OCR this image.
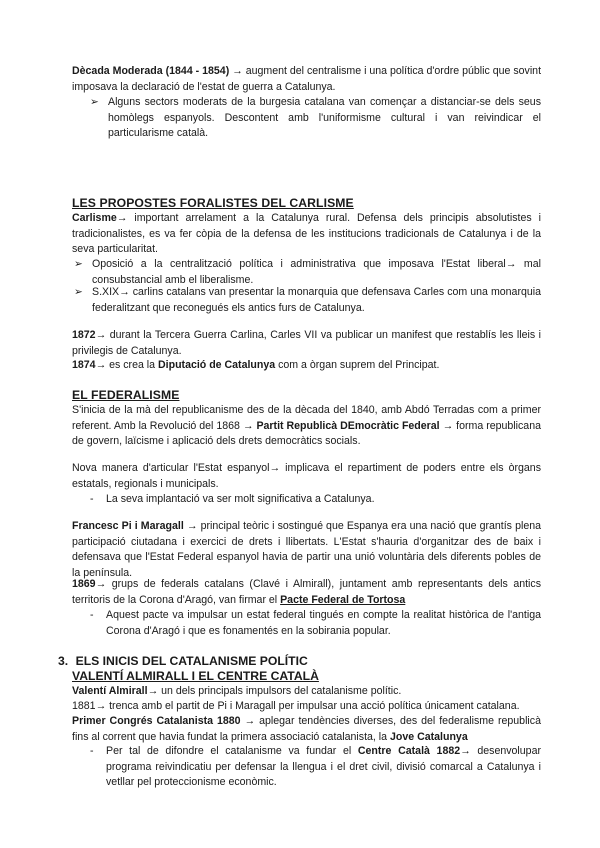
Dècada Moderada (1844 - 1854) → augment del centralisme i una política d'ordre públic que sovint imposava la declaració de l'estat de guerra a Catalunya.
➢ Alguns sectors moderats de la burgesia catalana van començar a distanciar-se dels seus homòlegs espanyols. Descontent amb l'uniformisme cultural i van reivindicar el particularisme català.
LES PROPOSTES FORALISTES DEL CARLISME
Carlisme→ important arrelament a la Catalunya rural. Defensa dels principis absolutistes i tradicionalistes, es va fer còpia de la defensa de les institucions tradicionals de Catalunya i de la seva particularitat.
➢ Oposició a la centralització política i administrativa que imposava l'Estat liberal→ mal consubstancial amb el liberalisme.
➢ S.XIX→ carlins catalans van presentar la monarquia que defensava Carles com una monarquia federalitzant que reconegués els antics furs de Catalunya.
1872→ durant la Tercera Guerra Carlina, Carles VII va publicar un manifest que restablís les lleis i privilegis de Catalunya.
1874→ es crea la Diputació de Catalunya com a òrgan suprem del Principat.
EL FEDERALISME
S'inicia de la mà del republicanisme des de la dècada del 1840, amb Abdó Terradas com a primer referent. Amb la Revolució del 1868 → Partit Republicà DEmocràtic Federal → forma republicana de govern, laïcisme i aplicació dels drets democràtics socials.
Nova manera d'articular l'Estat espanyol→ implicava el repartiment de poders entre els òrgans estatals, regionals i municipals.
- La seva implantació va ser molt significativa a Catalunya.
Francesc Pi i Maragall → principal teòric i sostingué que Espanya era una nació que grantís plena participació ciutadana i exercici de drets i llibertats. L'Estat s'hauria d'organitzar des de baix i defensava que l'Estat Federal espanyol havia de partir una unió voluntària dels diferents pobles de la península.
1869→ grups de federals catalans (Clavé i Almirall), juntament amb representants dels antics territoris de la Corona d'Aragó, van firmar el Pacte Federal de Tortosa
- Aquest pacte va impulsar un estat federal tingués en compte la realitat històrica de l'antiga Corona d'Aragó i que es fonamentés en la sobirania popular.
3. ELS INICIS DEL CATALANISME POLÍTIC
VALENTÍ ALMIRALL I EL CENTRE CATALÀ
Valentí Almirall→ un dels principals impulsors del catalanisme polític.
1881→ trenca amb el partit de Pi i Maragall per impulsar una acció política únicament catalana.
Primer Congrés Catalanista 1880 → aplegar tendències diverses, des del federalisme republicà fins al corrent que havia fundat la primera associació catalanista, la Jove Catalunya
- Per tal de difondre el catalanisme va fundar el Centre Català 1882→ desenvolupar programa reivindicatiu per defensar la llengua i el dret civil, divisió comarcal a Catalunya i vetllar pel proteccionisme econòmic.
